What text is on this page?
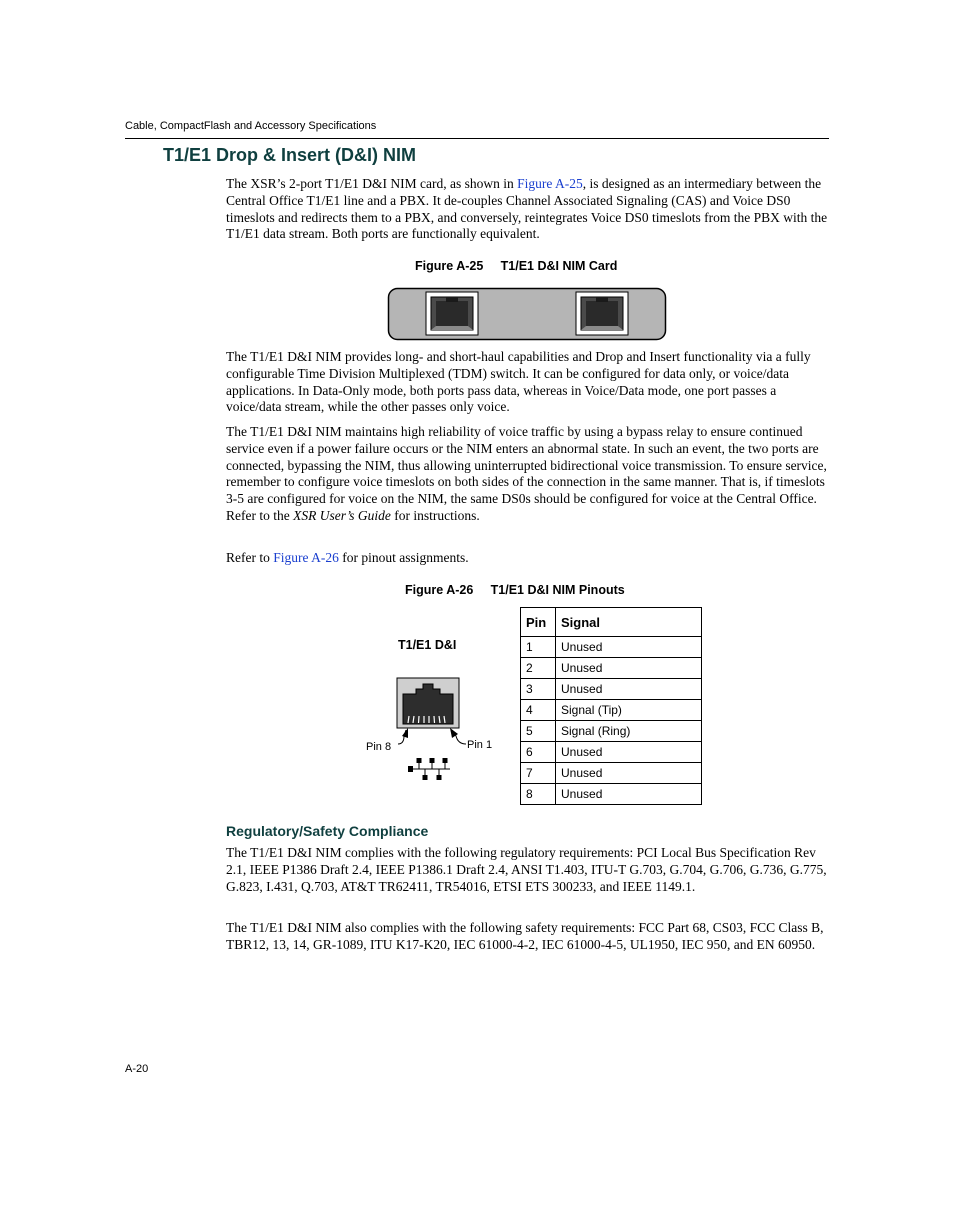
Cable, CompactFlash and Accessory Specifications
T1/E1 Drop & Insert (D&I) NIM
The XSR’s 2-port T1/E1 D&I NIM card, as shown in Figure A-25, is designed as an intermediary between the Central Office T1/E1 line and a PBX. It de-couples Channel Associated Signaling (CAS) and Voice DS0 timeslots and redirects them to a PBX, and conversely, reintegrates Voice DS0 timeslots from the PBX with the T1/E1 data stream. Both ports are functionally equivalent.
Figure A-25     T1/E1 D&I NIM Card
The T1/E1 D&I NIM provides long- and short-haul capabilities and Drop and Insert functionality via a fully configurable Time Division Multiplexed (TDM) switch. It can be configured for data only, or voice/data applications. In Data-Only mode, both ports pass data, whereas in Voice/Data mode, one port passes a voice/data stream, while the other passes only voice.
The T1/E1 D&I NIM maintains high reliability of voice traffic by using a bypass relay to ensure continued service even if a power failure occurs or the NIM enters an abnormal state. In such an event, the two ports are connected, bypassing the NIM, thus allowing uninterrupted bidirectional voice transmission. To ensure service, remember to configure voice timeslots on both sides of the connection in the same manner. That is, if timeslots 3-5 are configured for voice on the NIM, the same DS0s should be configured for voice at the Central Office. Refer to the XSR User’s Guide for instructions.
Refer to Figure A-26 for pinout assignments.
Figure A-26     T1/E1 D&I NIM Pinouts
T1/E1 D&I
Pin 8	Pin 1
Pin	Signal
1	Unused
2	Unused
3	Unused
4	Signal (Tip)
5	Signal (Ring)
6	Unused
7	Unused
8	Unused
Regulatory/Safety Compliance
The T1/E1 D&I NIM complies with the following regulatory requirements: PCI Local Bus Specification Rev 2.1, IEEE P1386 Draft 2.4, IEEE P1386.1 Draft 2.4, ANSI T1.403, ITU-T G.703, G.704, G.706, G.736, G.775, G.823, I.431, Q.703, AT&T TR62411, TR54016, ETSI ETS 300233, and IEEE 1149.1.
The T1/E1 D&I NIM also complies with the following safety requirements: FCC Part 68, CS03, FCC Class B, TBR12, 13, 14, GR-1089, ITU K17-K20, IEC 61000-4-2, IEC 61000-4-5, UL1950, IEC 950, and EN 60950.
A-20
